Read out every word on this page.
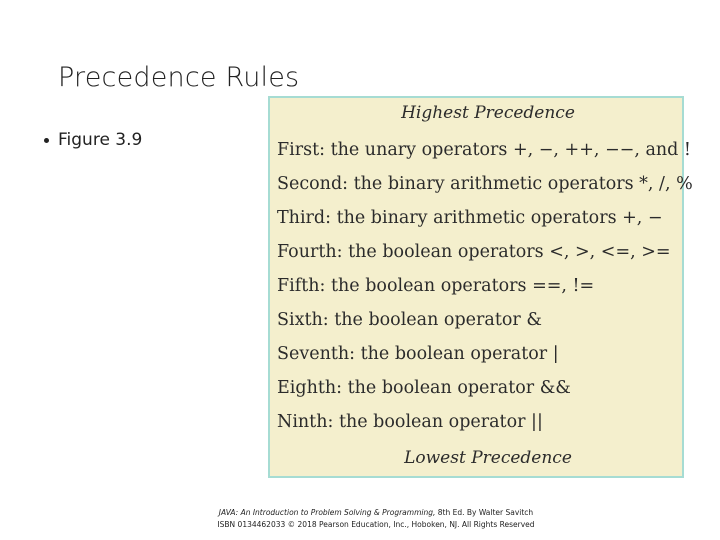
Precedence Rules
Figure 3.9
Highest Precedence
First: the unary operators +, −, ++, −−, and !
Second: the binary arithmetic operators *, /, %
Third: the binary arithmetic operators +, −
Fourth: the boolean operators <, >, <=, >=
Fifth: the boolean operators ==, !=
Sixth: the boolean operator &
Seventh: the boolean operator |
Eighth: the boolean operator &&
Ninth: the boolean operator ||
Lowest Precedence
JAVA: An Introduction to Problem Solving & Programming, 8th Ed. By Walter Savitch
ISBN 0134462033 © 2018 Pearson Education, Inc., Hoboken, NJ. All Rights Reserved
